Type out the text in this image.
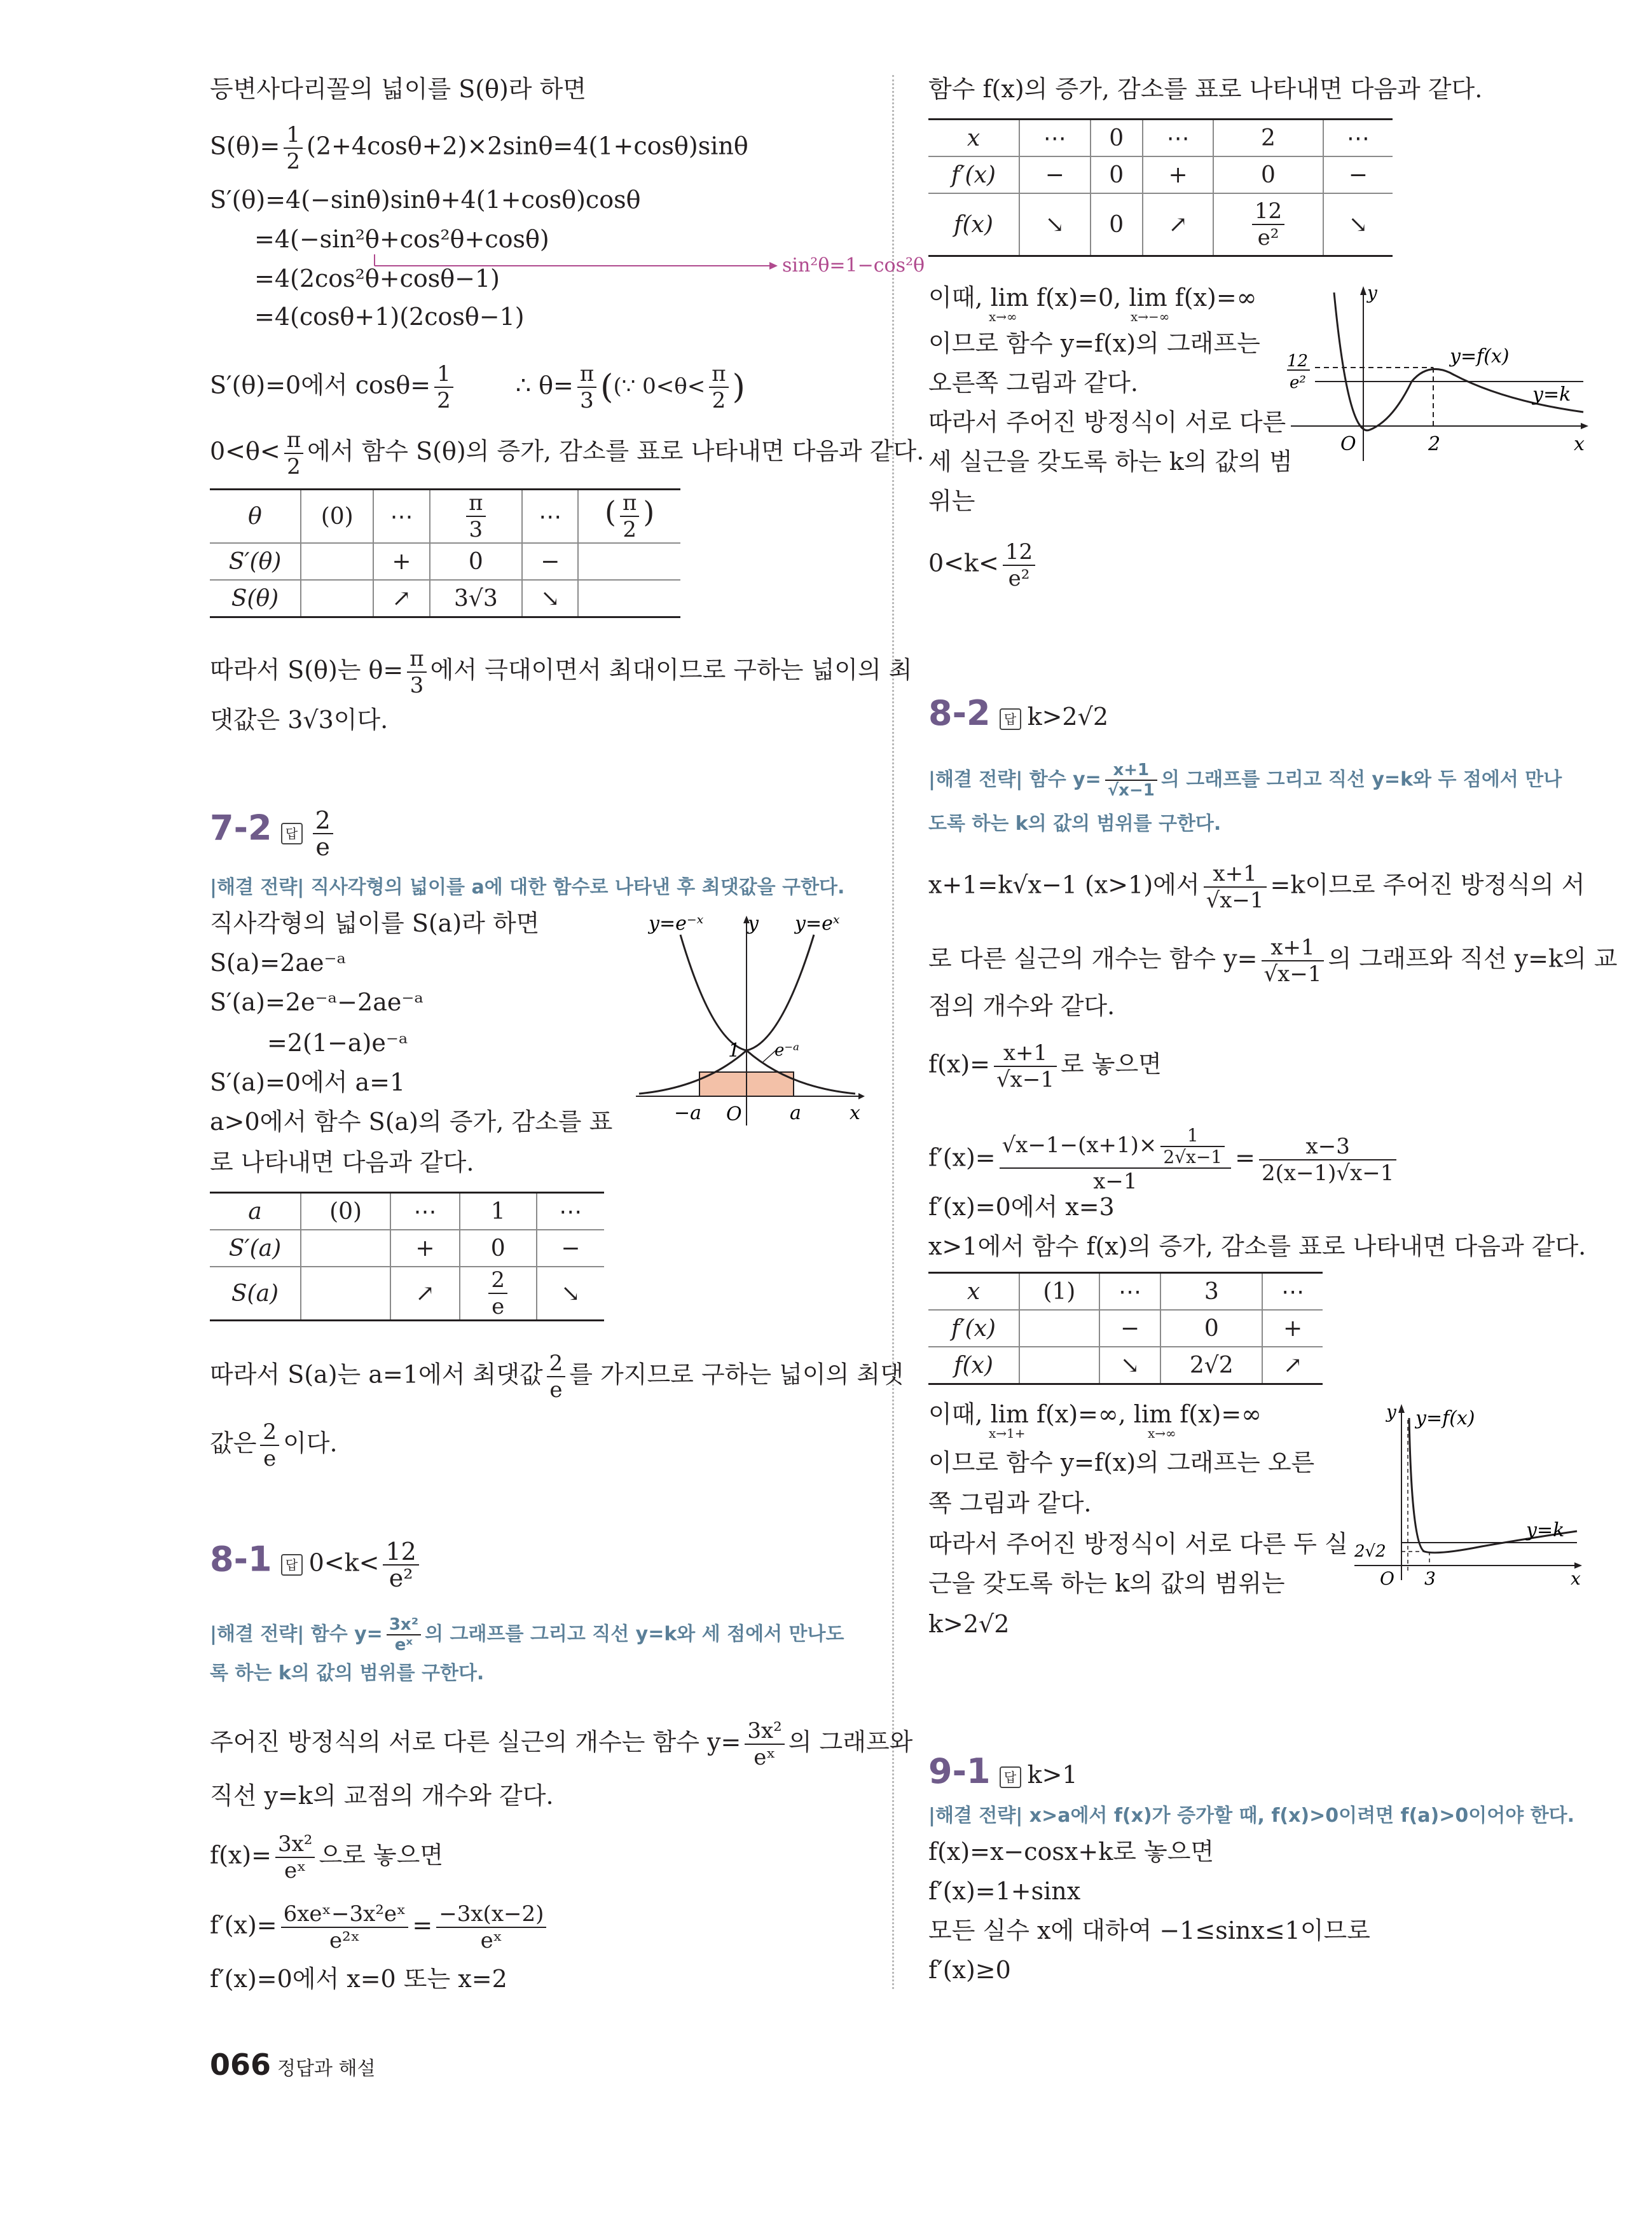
등변사다리꼴의 넓이를 S(θ)라 하면
$S(\theta)= \frac{1}{2} (2+4\cos\theta+2)\times 2\sin\theta=4(1+\cos\theta)\sin\theta$
S′(θ)=4(−sinθ)sinθ+4(1+cosθ)cosθ
=4(−sin²θ+cos²θ+cosθ)
sin²θ=1−cos²θ
=4(2cos²θ+cosθ−1)
=4(cosθ+1)(2cosθ−1)
S′(θ)=0에서 $\cos\theta= \frac{1}{2}$	∴ $\theta= \frac{\pi}{3}$ ((∵ $0<\theta< \frac{\pi}{2}$ )
$0<\theta< \frac{\pi}{2}$ 에서 함수 S(θ)의 증가, 감소를 표로 나타내면 다음과 같다.
θ	(0)	⋯	$\frac{\pi}{3}$	⋯	( $\frac{\pi}{2}$ )
S′(θ)		+	0	−	
S(θ)		↗	3√3	↘	
따라서 S(θ)는 $\theta= \frac{\pi}{3}$ 에서 극대이면서 최대이므로 구하는 넓이의 최
댓값은 3√3이다.
7-2 답 $\frac{2}{e}$
|해결 전략| 직사각형의 넓이를 a에 대한 함수로 나타낸 후 최댓값을 구한다.
직사각형의 넓이를 S(a)라 하면
S(a)=2ae⁻ᵃ
S′(a)=2e⁻ᵃ−2ae⁻ᵃ
=2(1−a)e⁻ᵃ
S′(a)=0에서 a=1
a>0에서 함수 S(a)의 증가, 감소를 표
로 나타내면 다음과 같다.
y=e⁻ˣ y y=eˣ
1 e⁻ᵃ
−a O	a	x
a	(0)	⋯	1	⋯
S′(a)		+	0	−
S(a)		↗	$\frac{2}{e}$	↘
따라서 S(a)는 a=1에서 최댓값 $\frac{2}{e}$ 를 가지므로 구하는 넓이의 최댓
값은 $\frac{2}{e}$ 이다.
8-1 답 $0<k< \frac{12}{\text{e²}}$
|해결 전략| 함수 $y= \frac{\text{3x²}}{\text{eˣ}}$ 의 그래프를 그리고 직선 y=k와 세 점에서 만나도
록 하는 k의 값의 범위를 구한다.
주어진 방정식의 서로 다른 실근의 개수는 함수 $y= \frac{\text{3x²}}{\text{eˣ}}$ 의 그래프와
직선 y=k의 교점의 개수와 같다.
$f(x)= \frac{\text{3x²}}{\text{eˣ}}$ 으로 놓으면
$f'(x)= \frac{\text{6xeˣ−3x²eˣ}}{\text{e²ˣ}} = \frac{-3x(x-2)}{\text{eˣ}}$
f′(x)=0에서 x=0 또는 x=2
함수 f(x)의 증가, 감소를 표로 나타내면 다음과 같다.
x	⋯	0	⋯	2	⋯
f′(x)	−	0	+	0	−
f(x)	↘	0	↗	$\frac{12}{\text{e²}}$	↘
이때, lim f(x)=0, lim f(x)=∞
x→∞	x→−∞
이므로 함수 y=f(x)의 그래프는
오른쪽 그림과 같다.
따라서 주어진 방정식이 서로 다른
세 실근을 갖도록 하는 k의 값의 범
위는
$0<k< \frac{12}{\text{e²}}$
y
y=f(x)
y=k
12
e²
O	2	x
8-2 답 k>2√2
|해결 전략| 함수 $y= \frac{x+1}{√x-1}$ 의 그래프를 그리고 직선 y=k와 두 점에서 만나
도록 하는 k의 값의 범위를 구한다.
x+1=k√x−1 (x>1)에서 $\frac{x+1}{√x-1} =k$이므로 주어진 방정식의 서
로 다른 실근의 개수는 함수 $y= \frac{x+1}{√x-1}$ 의 그래프와 직선 y=k의 교
점의 개수와 같다.
$f(x)= \frac{x+1}{√x-1}$ 로 놓으면
$f'(x)= \frac{√x-1-(x+1)\times \frac{1}{2√x-1}}{x-1} = \frac{x-3}{2(x-1)√x-1}$
f′(x)=0에서 x=3
x>1에서 함수 f(x)의 증가, 감소를 표로 나타내면 다음과 같다.
x	(1)	⋯	3	⋯
f′(x)		−	0	+
f(x)		↘	2√2	↗
이때, lim f(x)=∞, lim f(x)=∞
x→1+	x→∞
이므로 함수 y=f(x)의 그래프는 오른
쪽 그림과 같다.
따라서 주어진 방정식이 서로 다른 두 실
근을 갖도록 하는 k의 값의 범위는
k>2√2
y y=f(x)
y=k
2√2
O 3	x
9-1 답 k>1
|해결 전략| x>a에서 f(x)가 증가할 때, f(x)>0이려면 f(a)>0이어야 한다.
f(x)=x−cosx+k로 놓으면
f′(x)=1+sinx
모든 실수 x에 대하여 −1≤sinx≤1이므로
f′(x)≥0
066 정답과 해설
